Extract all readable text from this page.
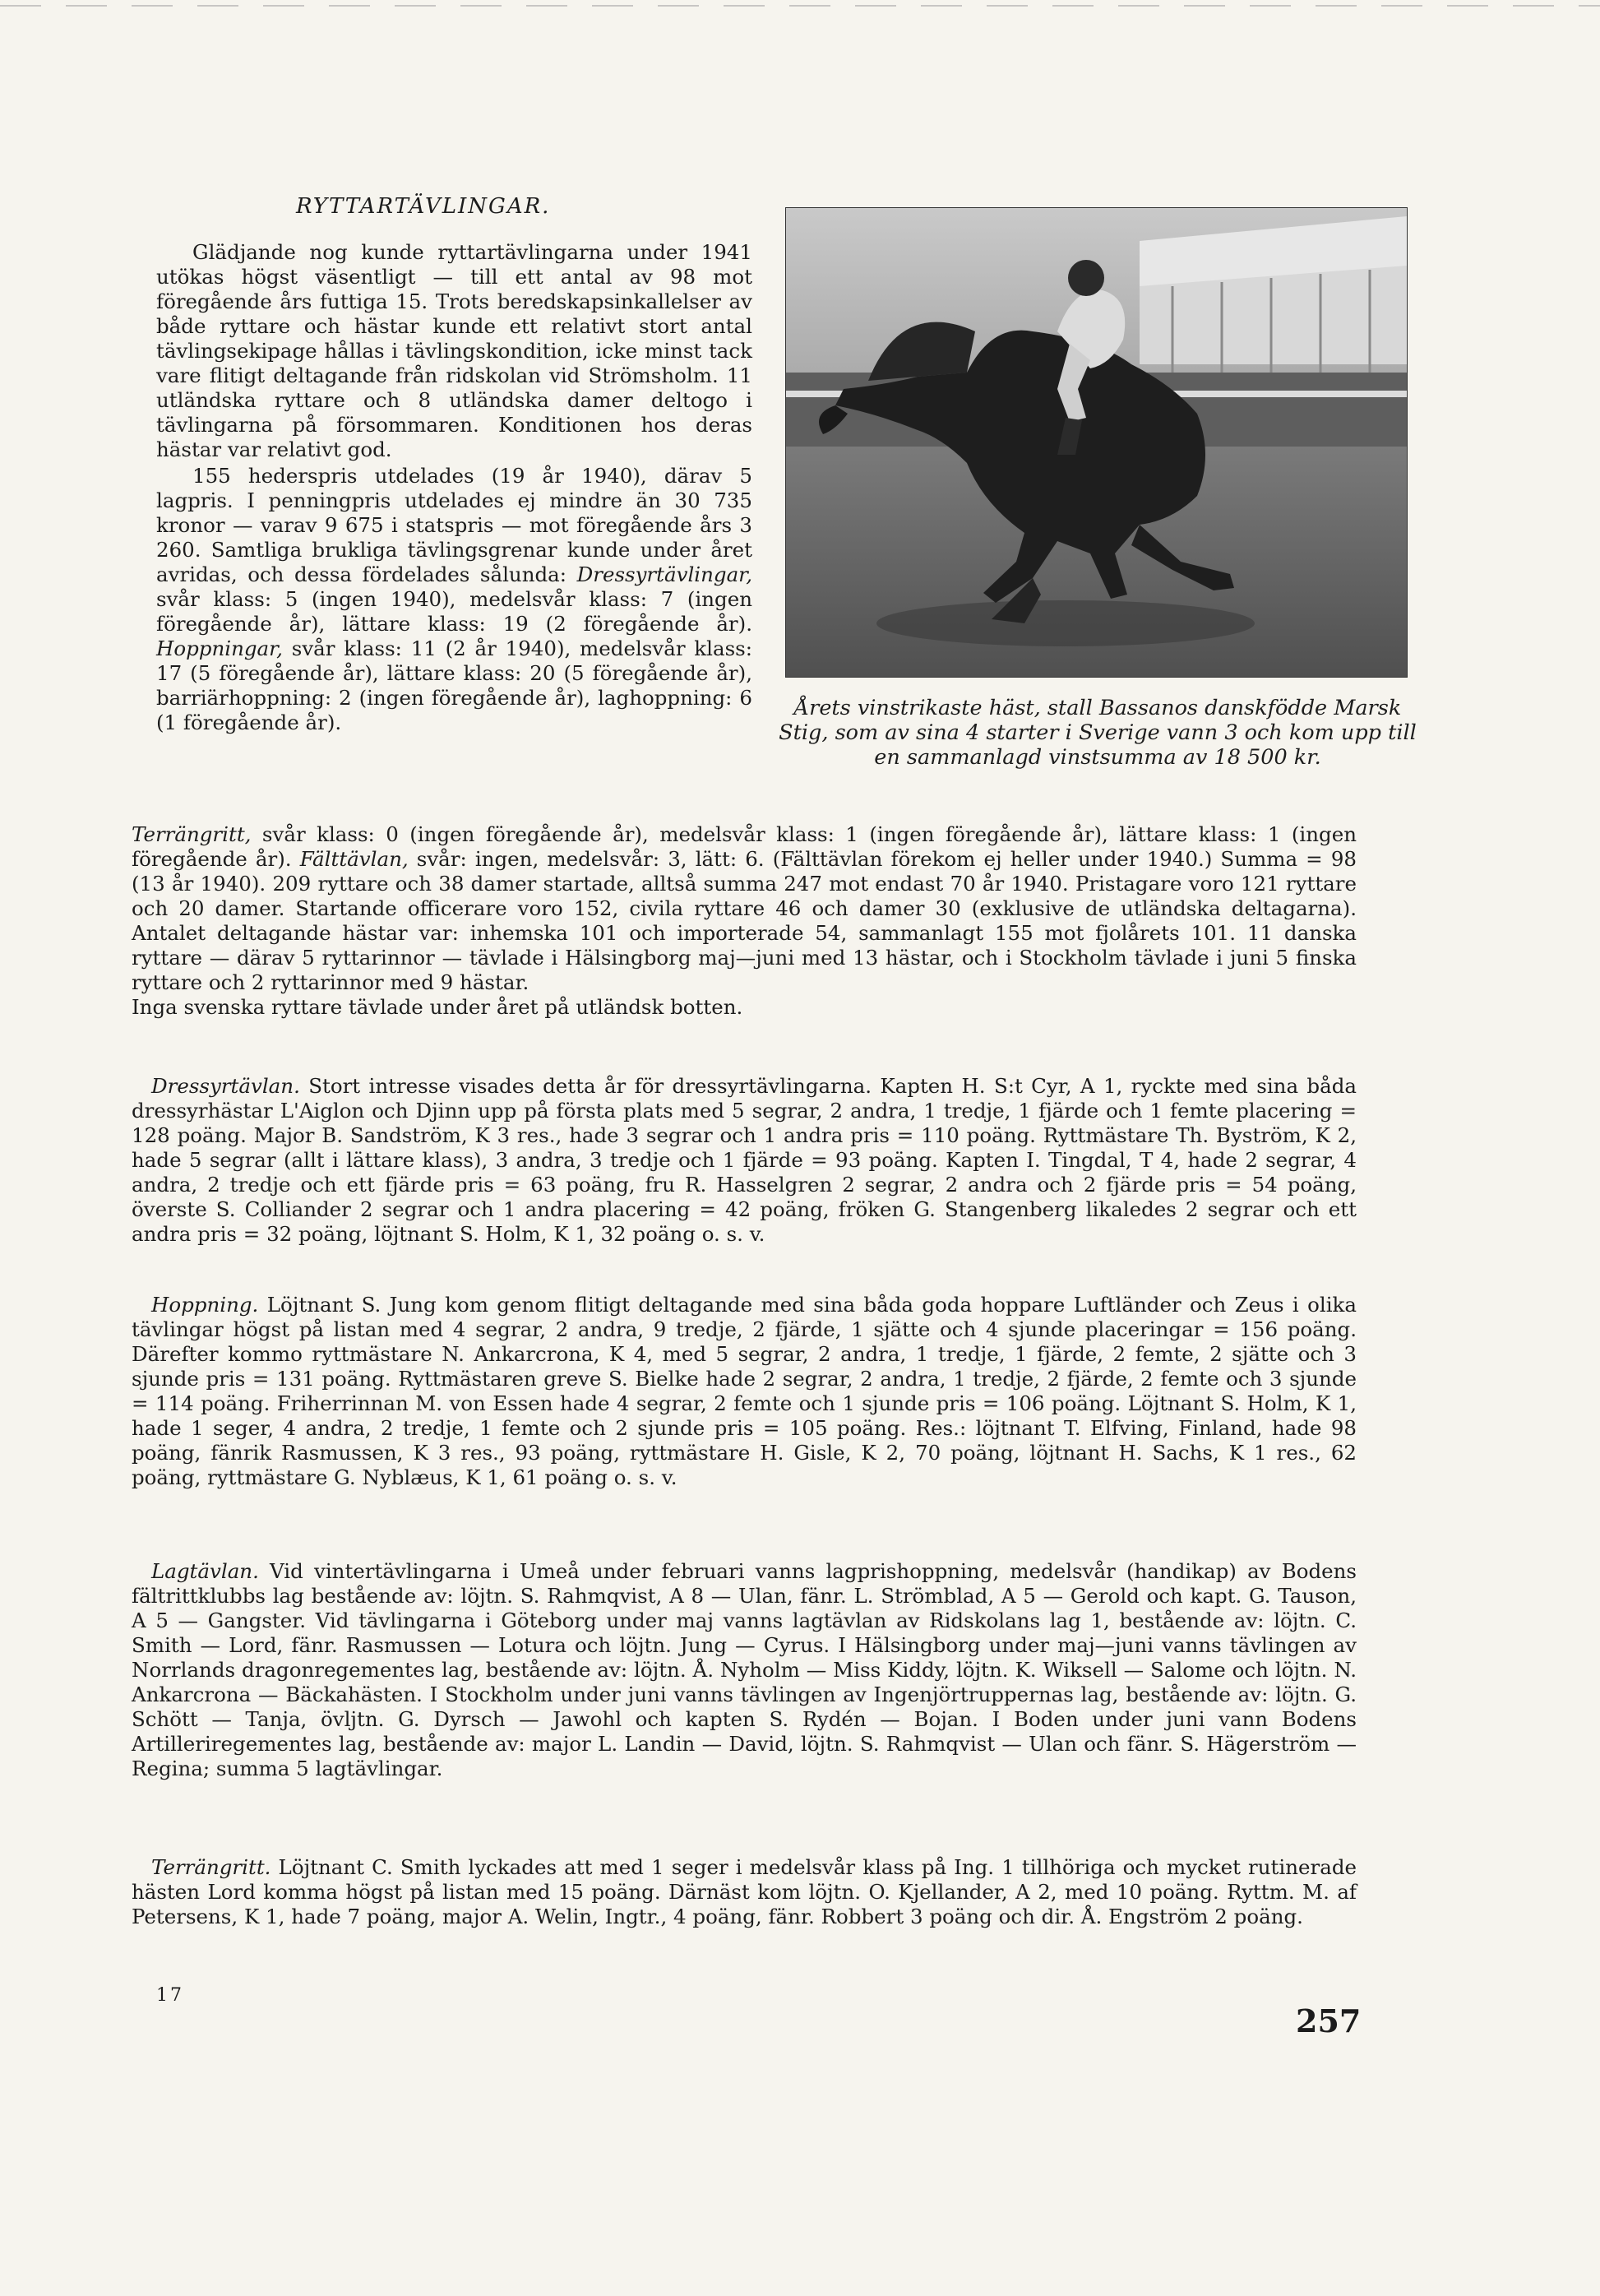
RYTTARTÄVLINGAR.

Glädjande nog kunde ryttartävlingarna under 1941 utökas högst väsentligt — till ett antal av 98 mot föregående års futtiga 15. Trots beredskapsinkallelser av både ryttare och hästar kunde ett relativt stort antal tävlingsekipage hållas i tävlingskondition, icke minst tack vare flitigt deltagande från ridskolan vid Strömsholm. 11 utländska ryttare och 8 utländska damer deltogo i tävlingarna på försommaren. Konditionen hos deras hästar var relativt god.

155 hederspris utdelades (19 år 1940), därav 5 lagpris. I penningpris utdelades ej mindre än 30 735 kronor — varav 9 675 i statspris — mot föregående års 3 260. Samtliga brukliga tävlingsgrenar kunde under året avridas, och dessa fördelades sålunda: Dressyrtävlingar, svår klass: 5 (ingen 1940), medelsvår klass: 7 (ingen föregående år), lättare klass: 19 (2 föregående år). Hoppningar, svår klass: 11 (2 år 1940), medelsvår klass: 17 (5 föregående år), lättare klass: 20 (5 föregående år), barriärhoppning: 2 (ingen föregående år), laghoppning: 6 (1 föregående år).

Årets vinstrikaste häst, stall Bassanos danskfödde Marsk Stig, som av sina 4 starter i Sverige vann 3 och kom upp till en sammanlagd vinstsumma av 18 500 kr.

Terrängritt, svår klass: 0 (ingen föregående år), medelsvår klass: 1 (ingen föregående år), lättare klass: 1 (ingen föregående år). Fälttävlan, svår: ingen, medelsvår: 3, lätt: 6. (Fälttävlan förekom ej heller under 1940.) Summa = 98 (13 år 1940). 209 ryttare och 38 damer startade, alltså summa 247 mot endast 70 år 1940. Pristagare voro 121 ryttare och 20 damer. Startande officerare voro 152, civila ryttare 46 och damer 30 (exklusive de utländska deltagarna). Antalet deltagande hästar var: inhemska 101 och importerade 54, sammanlagt 155 mot fjolårets 101. 11 danska ryttare — därav 5 ryttarinnor — tävlade i Hälsingborg maj—juni med 13 hästar, och i Stockholm tävlade i juni 5 finska ryttare och 2 ryttarinnor med 9 hästar.

Inga svenska ryttare tävlade under året på utländsk botten.

Dressyrtävlan. Stort intresse visades detta år för dressyrtävlingarna. Kapten H. S:t Cyr, A 1, ryckte med sina båda dressyrhästar L'Aiglon och Djinn upp på första plats med 5 segrar, 2 andra, 1 tredje, 1 fjärde och 1 femte placering = 128 poäng. Major B. Sandström, K 3 res., hade 3 segrar och 1 andra pris = 110 poäng. Ryttmästare Th. Byström, K 2, hade 5 segrar (allt i lättare klass), 3 andra, 3 tredje och 1 fjärde = 93 poäng. Kapten I. Tingdal, T 4, hade 2 segrar, 4 andra, 2 tredje och ett fjärde pris = 63 poäng, fru R. Hasselgren 2 segrar, 2 andra och 2 fjärde pris = 54 poäng, överste S. Colliander 2 segrar och 1 andra placering = 42 poäng, fröken G. Stangenberg likaledes 2 segrar och ett andra pris = 32 poäng, löjtnant S. Holm, K 1, 32 poäng o. s. v.

Hoppning. Löjtnant S. Jung kom genom flitigt deltagande med sina båda goda hoppare Luftländer och Zeus i olika tävlingar högst på listan med 4 segrar, 2 andra, 9 tredje, 2 fjärde, 1 sjätte och 4 sjunde placeringar = 156 poäng. Därefter kommo ryttmästare N. Ankarcrona, K 4, med 5 segrar, 2 andra, 1 tredje, 1 fjärde, 2 femte, 2 sjätte och 3 sjunde pris = 131 poäng. Ryttmästaren greve S. Bielke hade 2 segrar, 2 andra, 1 tredje, 2 fjärde, 2 femte och 3 sjunde = 114 poäng. Friherrinnan M. von Essen hade 4 segrar, 2 femte och 1 sjunde pris = 106 poäng. Löjtnant S. Holm, K 1, hade 1 seger, 4 andra, 2 tredje, 1 femte och 2 sjunde pris = 105 poäng. Res.: löjtnant T. Elfving, Finland, hade 98 poäng, fänrik Rasmussen, K 3 res., 93 poäng, ryttmästare H. Gisle, K 2, 70 poäng, löjtnant H. Sachs, K 1 res., 62 poäng, ryttmästare G. Nyblæus, K 1, 61 poäng o. s. v.

Lagtävlan. Vid vintertävlingarna i Umeå under februari vanns lagprishoppning, medelsvår (handikap) av Bodens fältrittklubbs lag bestående av: löjtn. S. Rahmqvist, A 8 — Ulan, fänr. L. Strömblad, A 5 — Gerold och kapt. G. Tauson, A 5 — Gangster. Vid tävlingarna i Göteborg under maj vanns lagtävlan av Ridskolans lag 1, bestående av: löjtn. C. Smith — Lord, fänr. Rasmussen — Lotura och löjtn. Jung — Cyrus. I Hälsingborg under maj—juni vanns tävlingen av Norrlands dragonregementes lag, bestående av: löjtn. Å. Nyholm — Miss Kiddy, löjtn. K. Wiksell — Salome och löjtn. N. Ankarcrona — Bäckahästen. I Stockholm under juni vanns tävlingen av Ingenjörtruppernas lag, bestående av: löjtn. G. Schött — Tanja, övljtn. G. Dyrsch — Jawohl och kapten S. Rydén — Bojan. I Boden under juni vann Bodens Artilleriregementes lag, bestående av: major L. Landin — David, löjtn. S. Rahmqvist — Ulan och fänr. S. Hägerström — Regina; summa 5 lagtävlingar.

Terrängritt. Löjtnant C. Smith lyckades att med 1 seger i medelsvår klass på Ing. 1 tillhöriga och mycket rutinerade hästen Lord komma högst på listan med 15 poäng. Därnäst kom löjtn. O. Kjellander, A 2, med 10 poäng. Ryttm. M. af Petersens, K 1, hade 7 poäng, major A. Welin, Ingtr., 4 poäng, fänr. Robbert 3 poäng och dir. Å. Engström 2 poäng.

17
257
